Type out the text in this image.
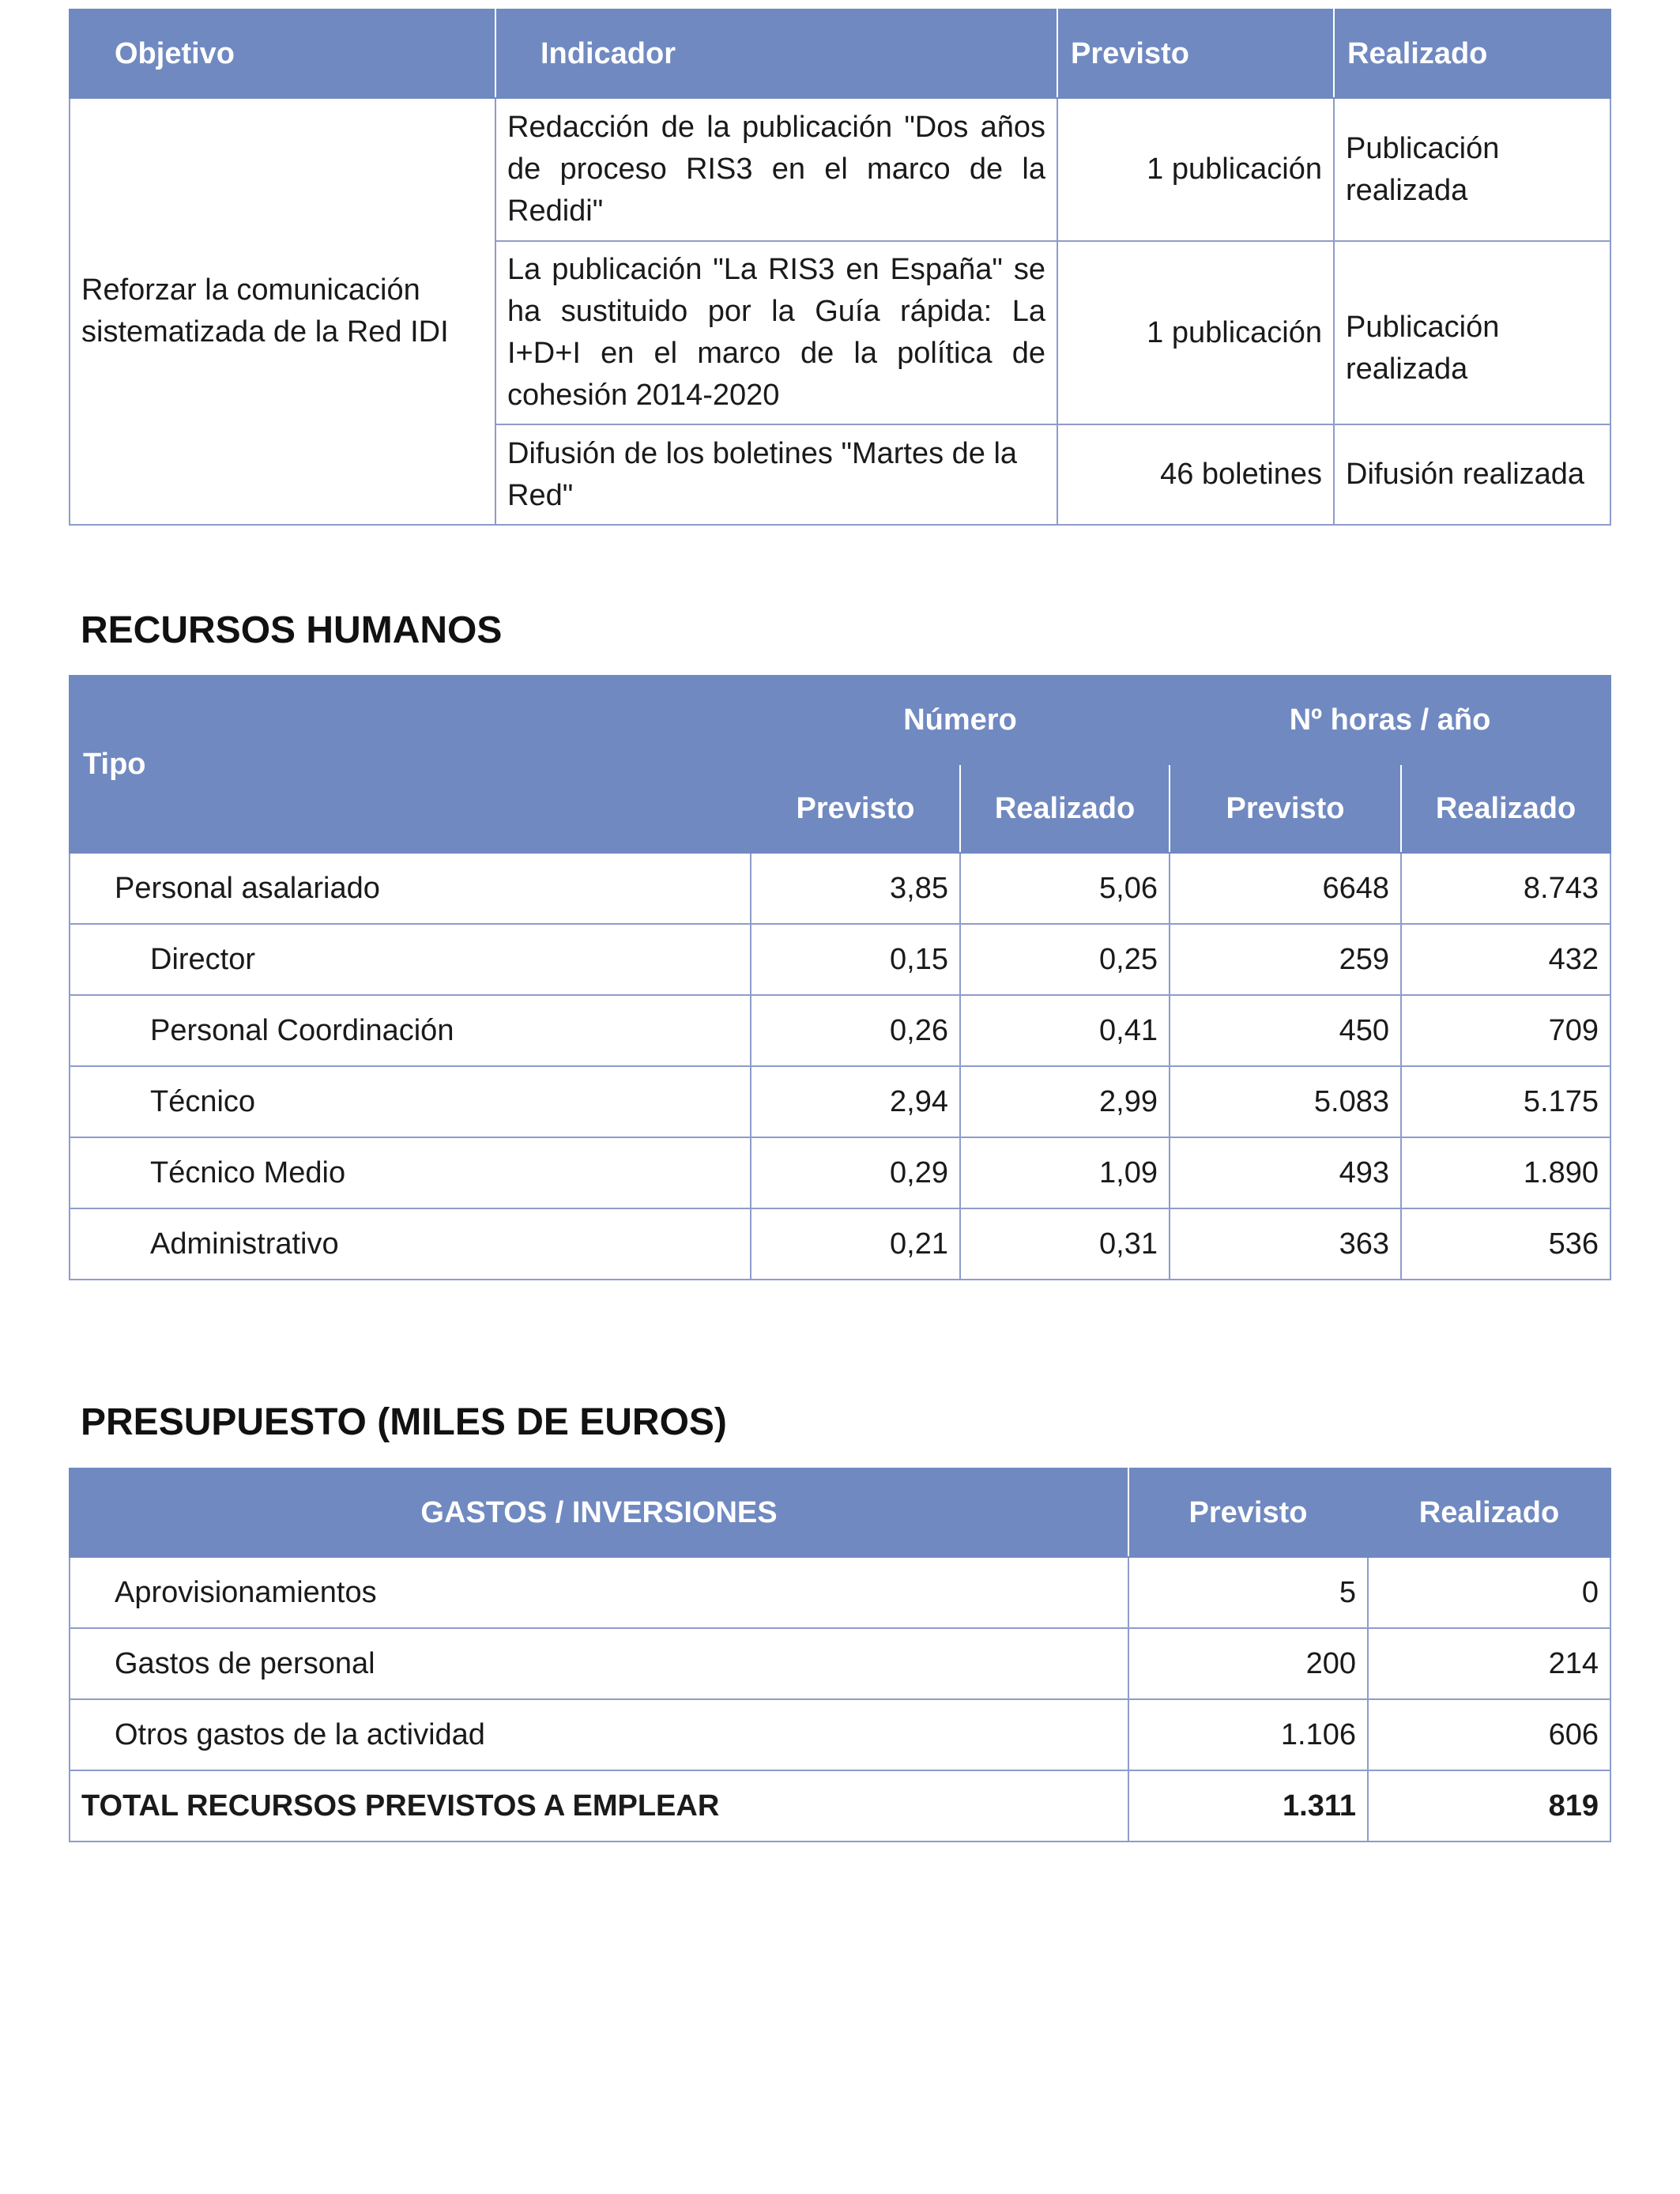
Objetivo	Indicador	Previsto	Realizado
Reforzar la comunicación sistematizada de la Red IDI	Redacción de la publicación "Dos años de proceso RIS3 en el marco de la Redidi"	1 publicación	Publicación realizada
	La publicación "La RIS3 en España" se ha sustituido por la Guía rápida: La I+D+I en el marco de la política de cohesión 2014-2020	1 publicación	Publicación realizada
	Difusión de los boletines "Martes de la Red"	46 boletines	Difusión realizada
RECURSOS HUMANOS
Tipo	Número		Nº horas / año	
	Previsto	Realizado	Previsto	Realizado
Personal asalariado	3,85	5,06	6648	8.743
Director	0,15	0,25	259	432
Personal Coordinación	0,26	0,41	450	709
Técnico	2,94	2,99	5.083	5.175
Técnico Medio	0,29	1,09	493	1.890
Administrativo	0,21	0,31	363	536
PRESUPUESTO (MILES DE EUROS)
GASTOS / INVERSIONES	Previsto	Realizado
Aprovisionamientos	5	0
Gastos de personal	200	214
Otros gastos de la actividad	1.106	606
TOTAL RECURSOS PREVISTOS A EMPLEAR	1.311	819
